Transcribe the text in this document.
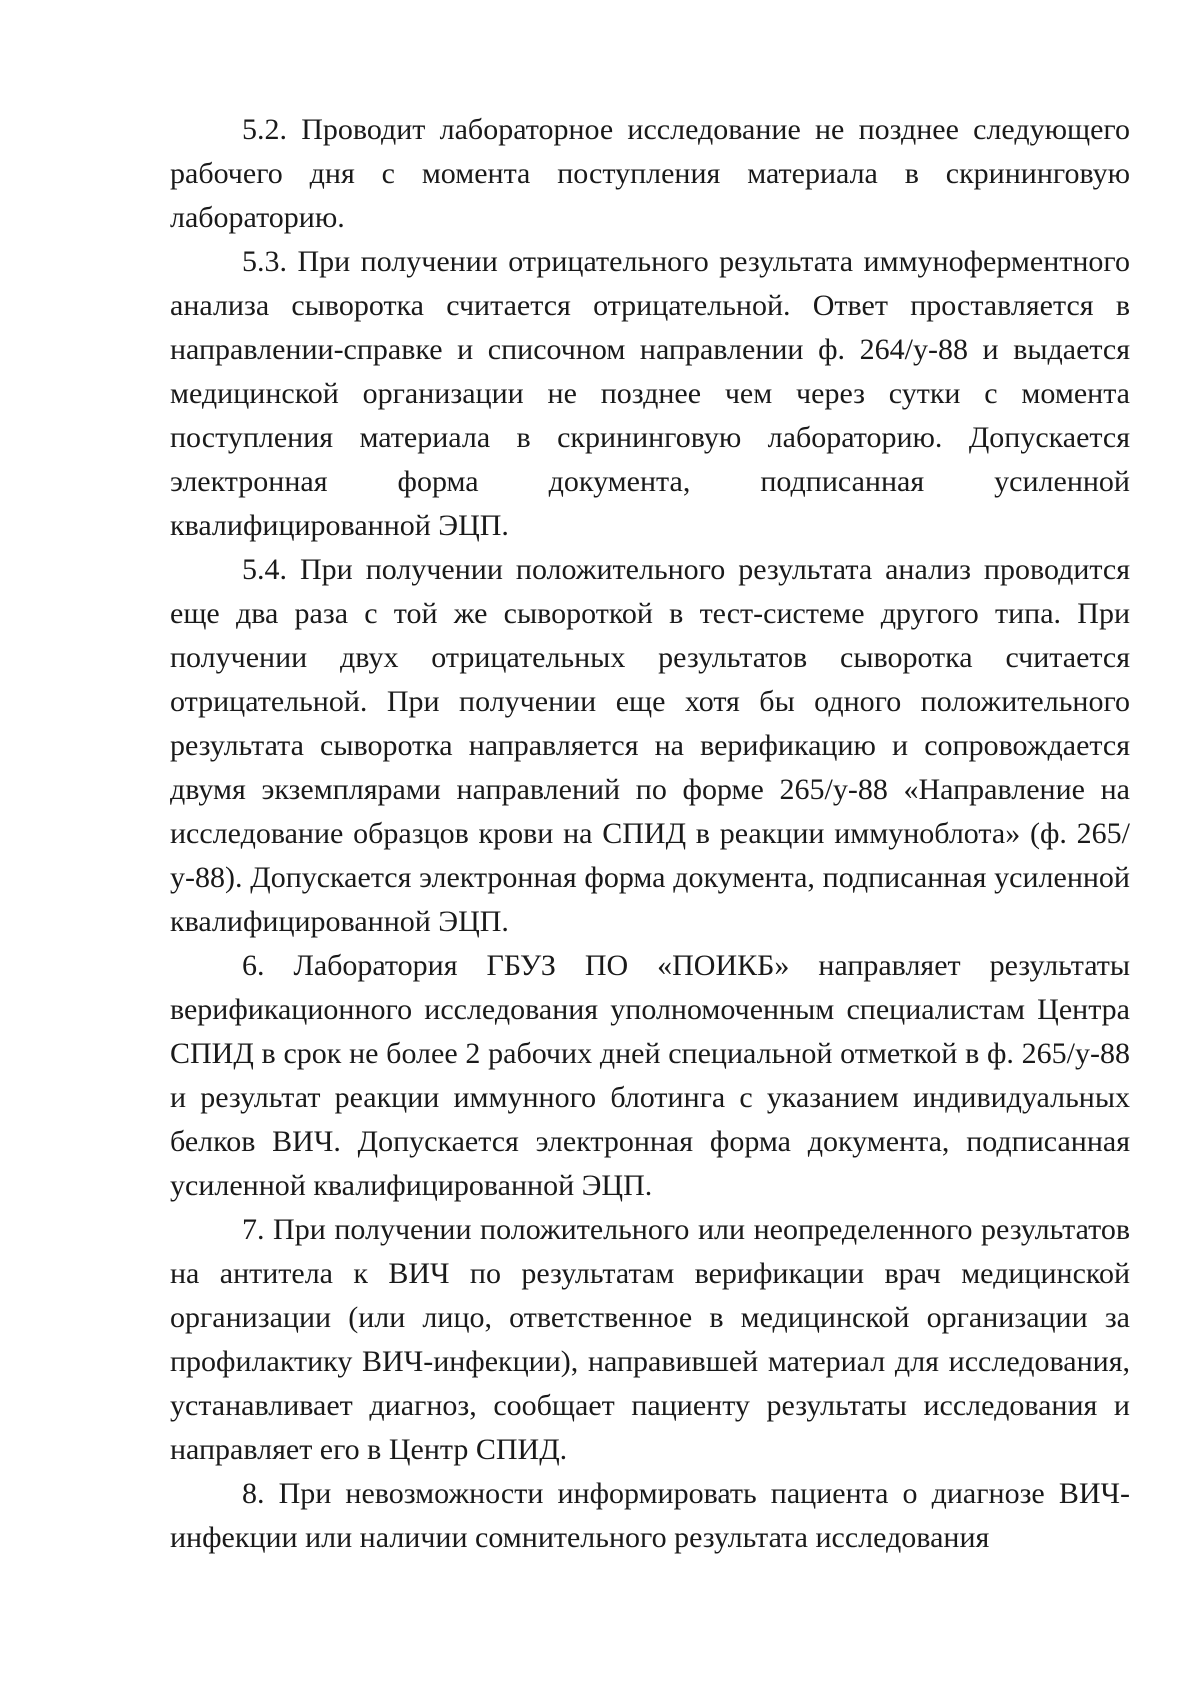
5.2. Проводит лабораторное исследование не позднее следующего рабочего дня с момента поступления материала в скрининговую лабораторию.

5.3. При получении отрицательного результата иммуноферментного анализа сыворотка считается отрицательной. Ответ проставляется в направлении-справке и списочном направлении ф. 264/у-88 и выдается медицинской организации не позднее чем через сутки с момента поступления материала в скрининговую лабораторию. Допускается электронная форма документа, подписанная усиленной квалифицированной ЭЦП.

5.4. При получении положительного результата анализ проводится еще два раза с той же сывороткой в тест-системе другого типа. При получении двух отрицательных результатов сыворотка считается отрицательной. При получении еще хотя бы одного положительного результата сыворотка направляется на верификацию и сопровождается двумя экземплярами направлений по форме 265/у-88 «Направление на исследование образцов крови на СПИД в реакции иммуноблота» (ф. 265/у-88). Допускается электронная форма документа, подписанная усиленной квалифицированной ЭЦП.

6. Лаборатория ГБУЗ ПО «ПОИКБ» направляет результаты верификационного исследования уполномоченным специалистам Центра СПИД в срок не более 2 рабочих дней специальной отметкой в ф. 265/у-88 и результат реакции иммунного блотинга с указанием индивидуальных белков ВИЧ. Допускается электронная форма документа, подписанная усиленной квалифицированной ЭЦП.

7. При получении положительного или неопределенного результатов на антитела к ВИЧ по результатам верификации врач медицинской организации (или лицо, ответственное в медицинской организации за профилактику ВИЧ-инфекции), направившей материал для исследования, устанавливает диагноз, сообщает пациенту результаты исследования и направляет его в Центр СПИД.

8. При невозможности информировать пациента о диагнозе ВИЧ-инфекции или наличии сомнительного результата исследования
